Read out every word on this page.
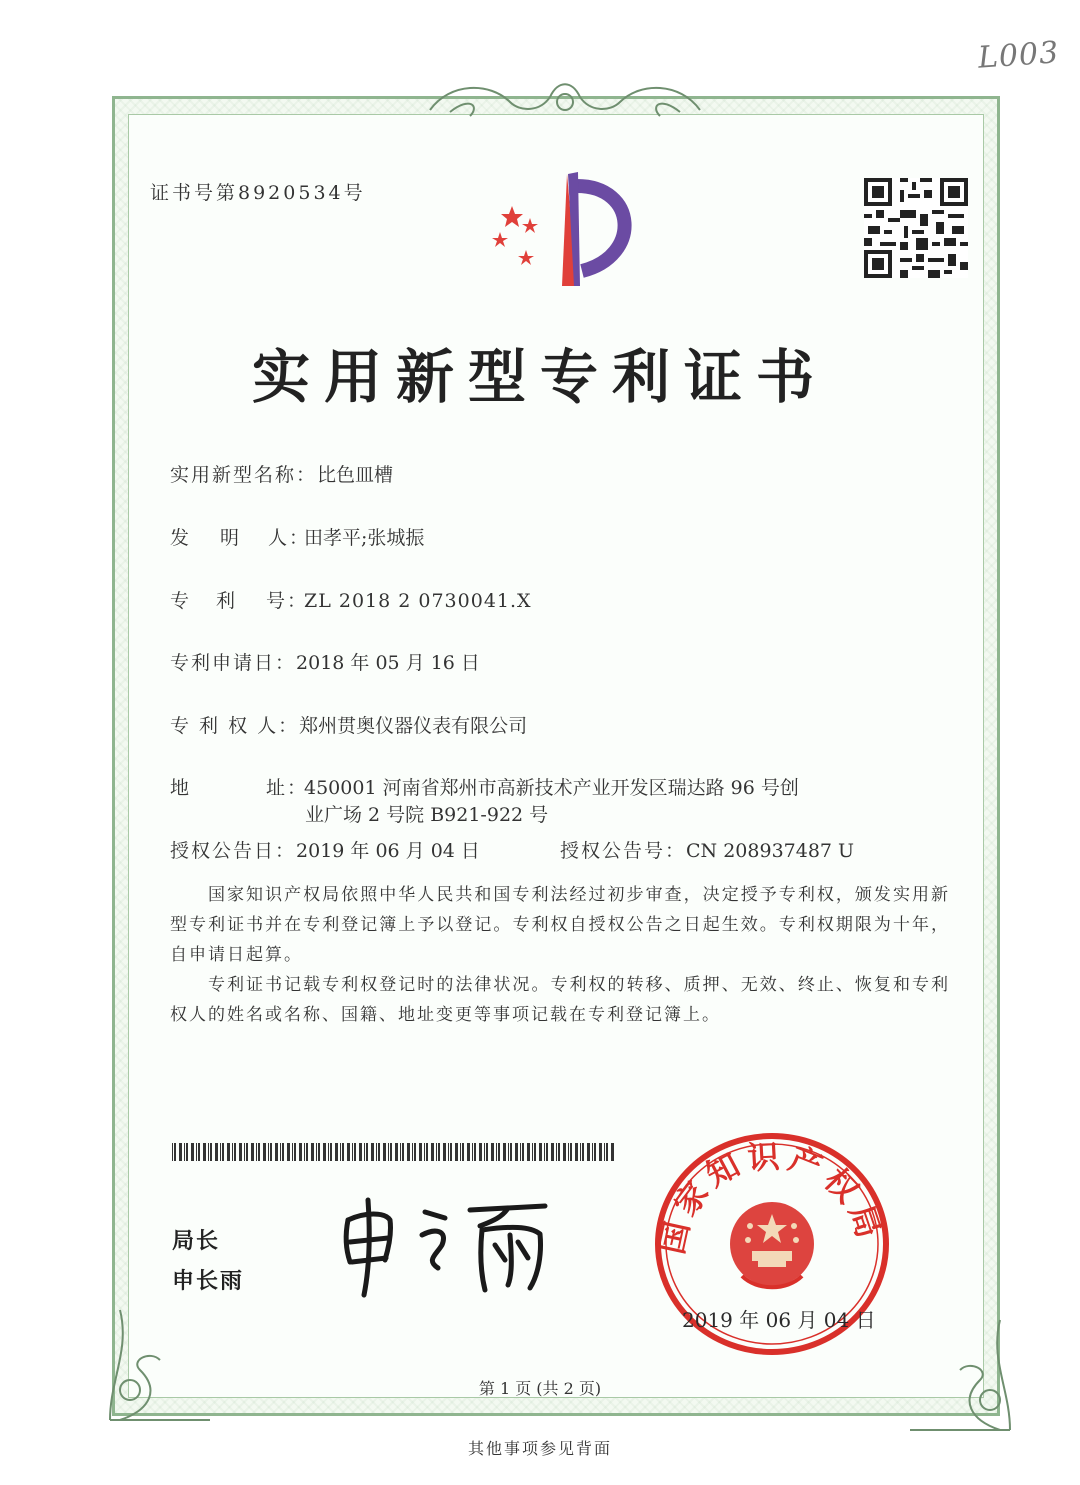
L003
证书号第8920534号
实用新型专利证书
实用新型名称：比色皿槽
发 明 人：田孝平;张城振
专 利 号：ZL 2018 2 0730041.X
专利申请日：2018 年 05 月 16 日
专 利 权 人：郑州贯奥仪器仪表有限公司
地	址：450001 河南省郑州市高新技术产业开发区瑞达路 96 号创
业广场 2 号院 B921-922 号
授权公告日：2019 年 06 月 04 日	授权公告号：CN 208937487 U
国家知识产权局依照中华人民共和国专利法经过初步审查，决定授予专利权，颁发实用新型专利证书并在专利登记簿上予以登记。专利权自授权公告之日起生效。专利权期限为十年，自申请日起算。
专利证书记载专利权登记时的法律状况。专利权的转移、质押、无效、终止、恢复和专利权人的姓名或名称、国籍、地址变更等事项记载在专利登记簿上。
局长
申长雨
国家知识产权局
2019 年 06 月 04 日
第 1 页 (共 2 页)
其他事项参见背面
